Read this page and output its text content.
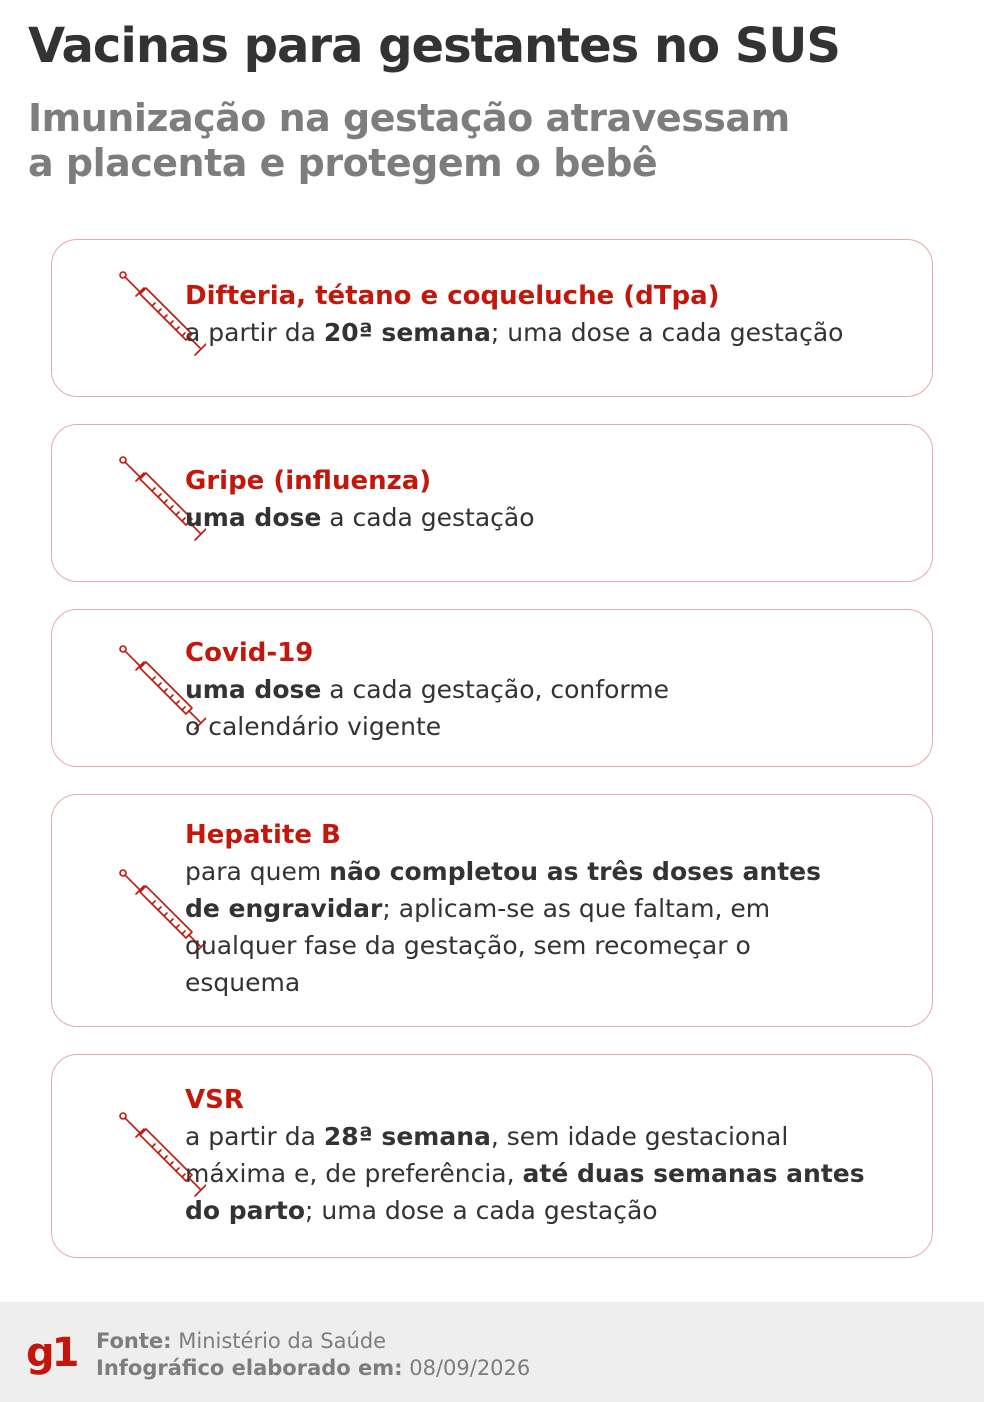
Vacinas para gestantes no SUS
Imunização na gestação atravessam
a placenta e protegem o bebê
Difteria, tétano e coqueluche (dTpa)
a partir da 20ª semana; uma dose a cada gestação
Gripe (influenza)
uma dose a cada gestação
Covid-19
uma dose a cada gestação, conforme
o calendário vigente
Hepatite B
para quem não completou as três doses antes
de engravidar; aplicam-se as que faltam, em
qualquer fase da gestação, sem recomeçar o
esquema
VSR
a partir da 28ª semana, sem idade gestacional
máxima e, de preferência, até duas semanas antes
do parto; uma dose a cada gestação
g1 Fonte: Ministério da Saúde
Infográfico elaborado em: 08/09/2026
